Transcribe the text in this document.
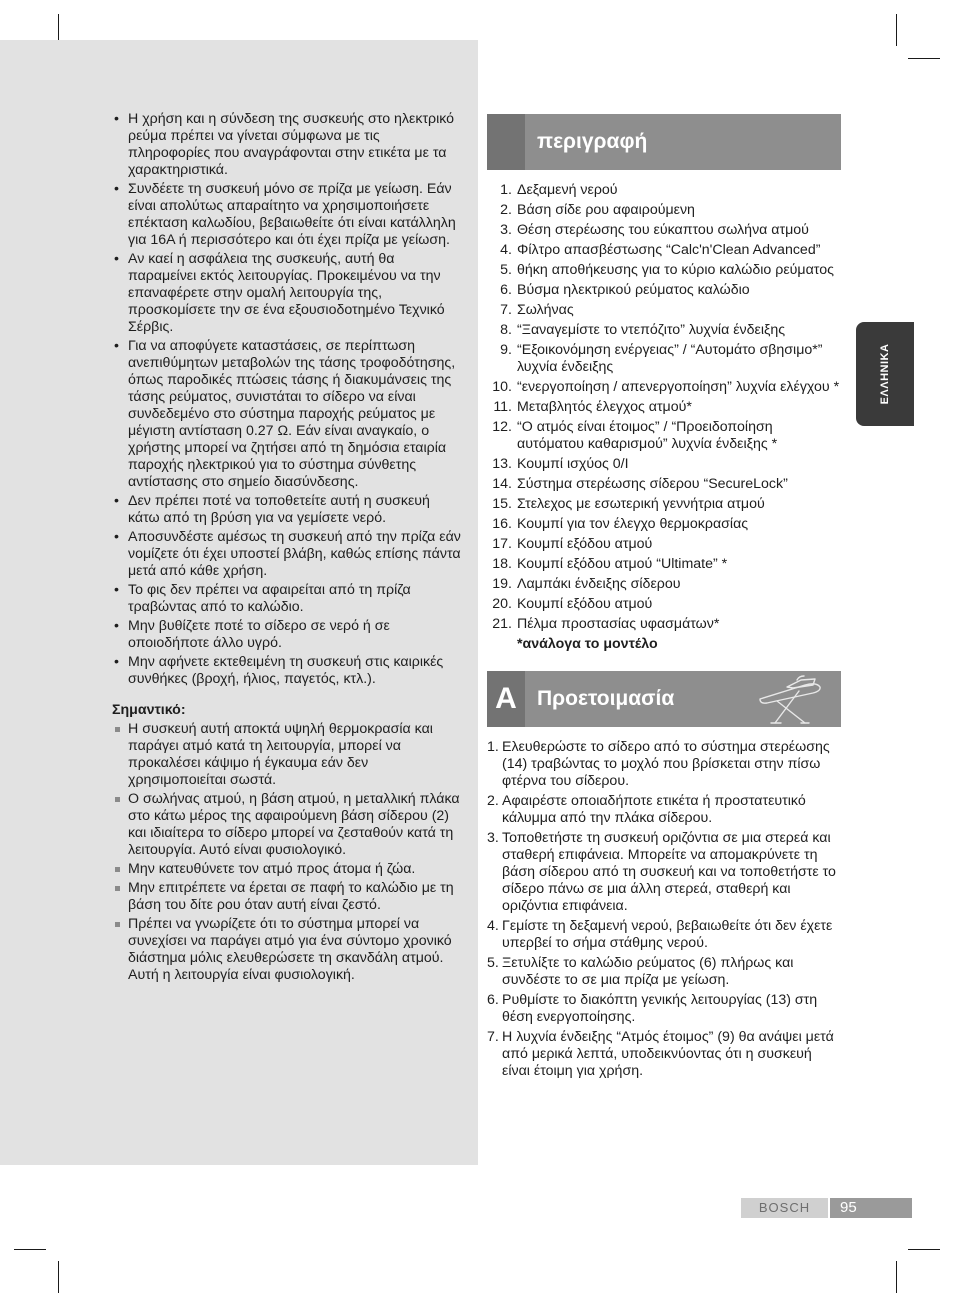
• Η χρήση και η σύνδεση της συσκευής στο ηλεκτρικό ρεύμα πρέπει να γίνεται σύμφωνα με τις πληροφορίες που αναγράφονται στην ετικέτα με τα χαρακτηριστικά.
• Συνδέετε τη συσκευή μόνο σε πρίζα με γείωση. Εάν είναι απολύτως απαραίτητο να χρησιμοποιήσετε επέκταση καλωδίου, βεβαιωθείτε ότι είναι κατάλληλη για 16A ή περισσότερο και ότι έχει πρίζα με γείωση.
• Αν καεί η ασφάλεια της συσκευής, αυτή θα παραμείνει εκτός λειτουργίας. Προκειμένου να την επαναφέρετε στην ομαλή λειτουργία της, προσκομίσετε την σε ένα εξουσιοδοτημένο Τεχνικό Σέρβις.
• Για να αποφύγετε καταστάσεις, σε περίπτωση ανεπιθύμητων μεταβολών της τάσης τροφοδότησης, όπως παροδικές πτώσεις τάσης ή διακυμάνσεις της τάσης ρεύματος, συνιστάται το σίδερο να είναι συνδεδεμένο στο σύστημα παροχής ρεύματος με μέγιστη αντίσταση 0.27 Ω. Εάν είναι αναγκαίο, ο χρήστης μπορεί να ζητήσει από τη δημόσια εταιρία παροχής ηλεκτρικού για το σύστημα σύνθετης αντίστασης στο σημείο διασύνδεσης.
• Δεν πρέπει ποτέ να τοποθετείτε αυτή η συσκευή κάτω από τη βρύση για να γεμίσετε νερό.
• Αποσυνδέστε αμέσως τη συσκευή από την πρίζα εάν νομίζετε ότι έχει υποστεί βλάβη, καθώς επίσης πάντα μετά από κάθε χρήση.
• Το φις δεν πρέπει να αφαιρείται από τη πρίζα τραβώντας από το καλώδιο.
• Μην βυθίζετε ποτέ το σίδερο σε νερό ή σε οποιοδήποτε άλλο υγρό.
• Μην αφήνετε εκτεθειμένη τη συσκευή στις καιρικές συνθήκες (βροχή, ήλιος, παγετός, κτλ.).
Σημαντικό:
Η συσκευή αυτή αποκτά υψηλή θερμοκρασία και παράγει ατμό κατά τη λειτουργία, μπορεί να προκαλέσει κάψιμο ή έγκαυμα εάν δεν χρησιμοποιείται σωστά.
Ο σωλήνας ατμού, η βάση ατμού, η μεταλλική πλάκα στο κάτω μέρος της αφαιρούμενη βάση σίδερου (2) και ιδιαίτερα το σίδερο μπορεί να ζεσταθούν κατά τη λειτουργία. Αυτό είναι φυσιολογικό.
Μην κατευθύνετε τον ατμό προς άτομα ή ζώα.
Μην επιτρέπετε να έρεται σε παφή το καλώδιο με τη βάση του δίτε ρου όταν αυτή είναι ζεστό.
Πρέπει να γνωρίζετε ότι το σύστημα μπορεί να συνεχίσει να παράγει ατμό για ένα σύντομο χρονικό διάστημα μόλις ελευθερώσετε τη σκανδάλη ατμού. Αυτή η λειτουργία είναι φυσιολογική.
περιγραφή
1. Δεξαμενή νερού
2. Βάση σίδε ρου αφαιρούμενη
3. Θέση στερέωσης του εύκαπτου σωλήνα ατμού
4. Φίλτρο απασβέστωσης “Calc'n'Clean Advanced”
5. θήκη αποθήκευσης για το κύριο καλώδιο ρεύματος
6. Βύσμα ηλεκτρικού ρεύματος καλώδιο
7. Σωλήνας
8. “Ξαναγεμίστε το ντεπόζιτο” λυχνία ένδειξης
9. “Εξοικονόμηση ενέργειας” / “Αυτομάτο σβησιμο*” λυχνία ένδειξης
10. “ενεργοποίηση / απενεργοποίηση” λυχνία ελέγχου *
11. Μεταβλητός έλεγχος ατμού*
12. “Ο ατμός είναι έτοιμος” / “Προειδοποίηση αυτόματου καθαρισμού” λυχνία ένδειξης *
13. Κουμπί ισχύος 0/I
14. Σύστημα στερέωσης σίδερου “SecureLock”
15. Στελεχος με εσωτερική γεννήτρια ατμού
16. Κουμπί για τον έλεγχο θερμοκρασίας
17. Κουμπί εξόδου ατμού
18. Κουμπί εξόδου ατμού “Ultimate” *
19. Λαμπάκι ένδειξης σίδερου
20. Κουμπί εξόδου ατμού
21. Πέλμα προστασίας υφασμάτων*
*ανάλογα το μοντέλο
A Προετοιμασία
1. Ελευθερώστε το σίδερο από το σύστημα στερέωσης (14) τραβώντας το μοχλό που βρίσκεται στην πίσω φτέρνα του σίδερου.
2. Αφαιρέστε οποιαδήποτε ετικέτα ή προστατευτικό κάλυμμα από την πλάκα σίδερου.
3. Τοποθετήστε τη συσκευή οριζόντια σε μια στερεά και σταθερή επιφάνεια. Μπορείτε να απομακρύνετε τη βάση σίδερου από τη συσκευή και να τοποθετήστε το σίδερο πάνω σε μια άλλη στερεά, σταθερή και οριζόντια επιφάνεια.
4. Γεμίστε τη δεξαμενή νερού, βεβαιωθείτε ότι δεν έχετε υπερβεί το σήμα στάθμης νερού.
5. Ξετυλίξτε το καλώδιο ρεύματος (6) πλήρως και συνδέστε το σε μια πρίζα με γείωση.
6. Ρυθμίστε το διακόπτη γενικής λειτουργίας (13) στη θέση ενεργοποίησης.
7. Η λυχνία ένδειξης “Ατμός έτοιμος” (9) θα ανάψει μετά από μερικά λεπτά, υποδεικνύοντας ότι η συσκευή είναι έτοιμη για χρήση.
ΕΛΛΗΝΙΚΑ
BOSCH	95
